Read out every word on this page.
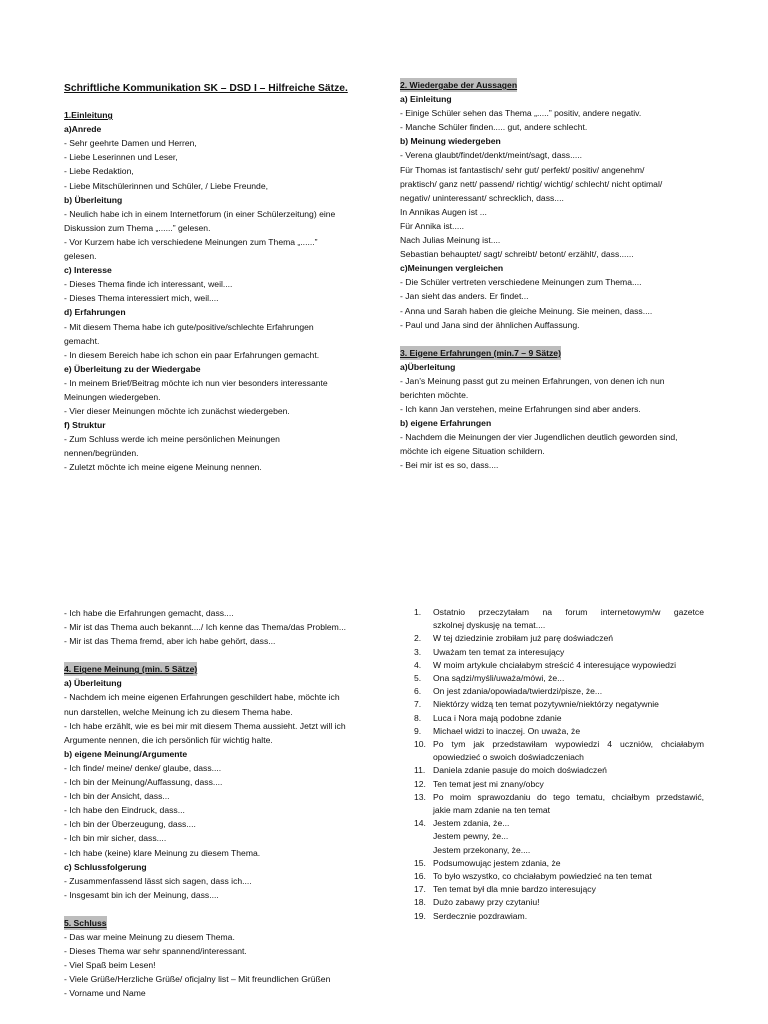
Schriftliche Kommunikation SK – DSD I – Hilfreiche Sätze.
1.Einleitung
a)Anrede
- Sehr geehrte Damen und Herren,
- Liebe Leserinnen und Leser,
- Liebe Redaktion,
- Liebe Mitschülerinnen und Schüler, / Liebe Freunde,
b) Überleitung
- Neulich habe ich in einem Internetforum (in einer Schülerzeitung) eine
Diskussion zum Thema „......” gelesen.
- Vor Kurzem habe ich verschiedene Meinungen zum Thema „......”
gelesen.
c) Interesse
- Dieses Thema finde ich interessant, weil....
- Dieses Thema interessiert mich, weil....
d) Erfahrungen
- Mit diesem Thema habe ich gute/positive/schlechte Erfahrungen
gemacht.
- In diesem Bereich habe ich schon ein paar Erfahrungen gemacht.
e) Überleitung zu der Wiedergabe
- In meinem Brief/Beitrag möchte ich nun vier besonders interessante
Meinungen wiedergeben.
- Vier dieser Meinungen möchte ich zunächst wiedergeben.
f) Struktur
- Zum Schluss werde ich meine persönlichen Meinungen
nennen/begründen.
- Zuletzt möchte ich meine eigene Meinung nennen.
2. Wiedergabe der Aussagen
a) Einleitung
- Einige Schüler sehen das Thema „.....” positiv, andere negativ.
- Manche Schüler finden..... gut, andere schlecht.
b) Meinung wiedergeben
- Verena glaubt/findet/denkt/meint/sagt, dass.....
Für Thomas ist fantastisch/ sehr gut/ perfekt/ positiv/ angenehm/
praktisch/ ganz nett/ passend/ richtig/ wichtig/ schlecht/ nicht optimal/
negativ/ uninteressant/ schrecklich, dass....
In Annikas Augen ist ...
Für Annika ist.....
Nach Julias Meinung ist....
Sebastian behauptet/ sagt/ schreibt/ betont/ erzählt/, dass......
c)Meinungen vergleichen
- Die Schüler vertreten verschiedene Meinungen zum Thema....
- Jan sieht das anders. Er findet...
- Anna und Sarah haben die gleiche Meinung. Sie meinen, dass....
- Paul und Jana sind der ähnlichen Auffassung.
3. Eigene Erfahrungen (min.7 – 9 Sätze)
a)Überleitung
- Jan’s Meinung passt gut zu meinen Erfahrungen, von denen ich nun
berichten möchte.
- Ich kann Jan verstehen, meine Erfahrungen sind aber anders.
b) eigene Erfahrungen
- Nachdem die Meinungen der vier Jugendlichen deutlich geworden sind,
möchte ich eigene Situation schildern.
- Bei mir ist es so, dass....
- Ich habe die Erfahrungen gemacht, dass....
- Mir ist das Thema auch bekannt..../ Ich kenne das Thema/das Problem...
- Mir ist das Thema fremd, aber ich habe gehört, dass...
4. Eigene Meinung (min. 5 Sätze)
a) Überleitung
- Nachdem ich meine eigenen Erfahrungen geschildert habe, möchte ich
nun darstellen, welche Meinung ich zu diesem Thema habe.
- Ich habe erzählt, wie es bei mir mit diesem Thema aussieht. Jetzt will ich
Argumente nennen, die ich persönlich für wichtig halte.
b) eigene Meinung/Argumente
- Ich finde/ meine/ denke/ glaube, dass....
- Ich bin der Meinung/Auffassung, dass....
- Ich bin der Ansicht, dass...
- Ich habe den Eindruck, dass...
- Ich bin der Überzeugung, dass....
- Ich bin mir sicher, dass....
- Ich habe (keine) klare Meinung zu diesem Thema.
c) Schlussfolgerung
- Zusammenfassend lässt sich sagen, dass ich....
- Insgesamt bin ich der Meinung, dass....
5. Schluss
- Das war meine Meinung zu diesem Thema.
- Dieses Thema war sehr spannend/interessant.
- Viel Spaß beim Lesen!
- Viele Grüße/Herzliche Grüße/ oficjalny list – Mit freundlichen Grüßen
- Vorname und Name
1.	Ostatnio przeczytałam na forum internetowym/w gazetce
szkolnej dyskusję na temat....
2.	W tej dziedzinie zrobiłam już parę doświadczeń
3.	Uważam ten temat za interesujący
4.	W moim artykule chciałabym streścić 4 interesujące wypowiedzi
5.	Ona sądzi/myśli/uważa/mówi, że...
6.	On jest zdania/opowiada/twierdzi/pisze, że...
7.	Niektórzy widzą ten temat pozytywnie/niektórzy negatywnie
8.	Luca i Nora mają podobne zdanie
9.	Michael widzi to inaczej. On uważa, że
10. Po tym jak przedstawiłam wypowiedzi 4 uczniów, chciałabym
opowiedzieć o swoich doświadczeniach
11. Daniela zdanie pasuje do moich doświadczeń
12. Ten temat jest mi znany/obcy
13. Po moim sprawozdaniu do tego tematu, chciałbym przedstawić,
jakie mam zdanie na ten temat
14. Jestem zdania, że...
Jestem pewny, że...
Jestem przekonany, że....
15. Podsumowując jestem zdania, że
16. To było wszystko, co chciałabym powiedzieć na ten temat
17. Ten temat był dla mnie bardzo interesujący
18. Dużo zabawy przy czytaniu!
19. Serdecznie pozdrawiam.
